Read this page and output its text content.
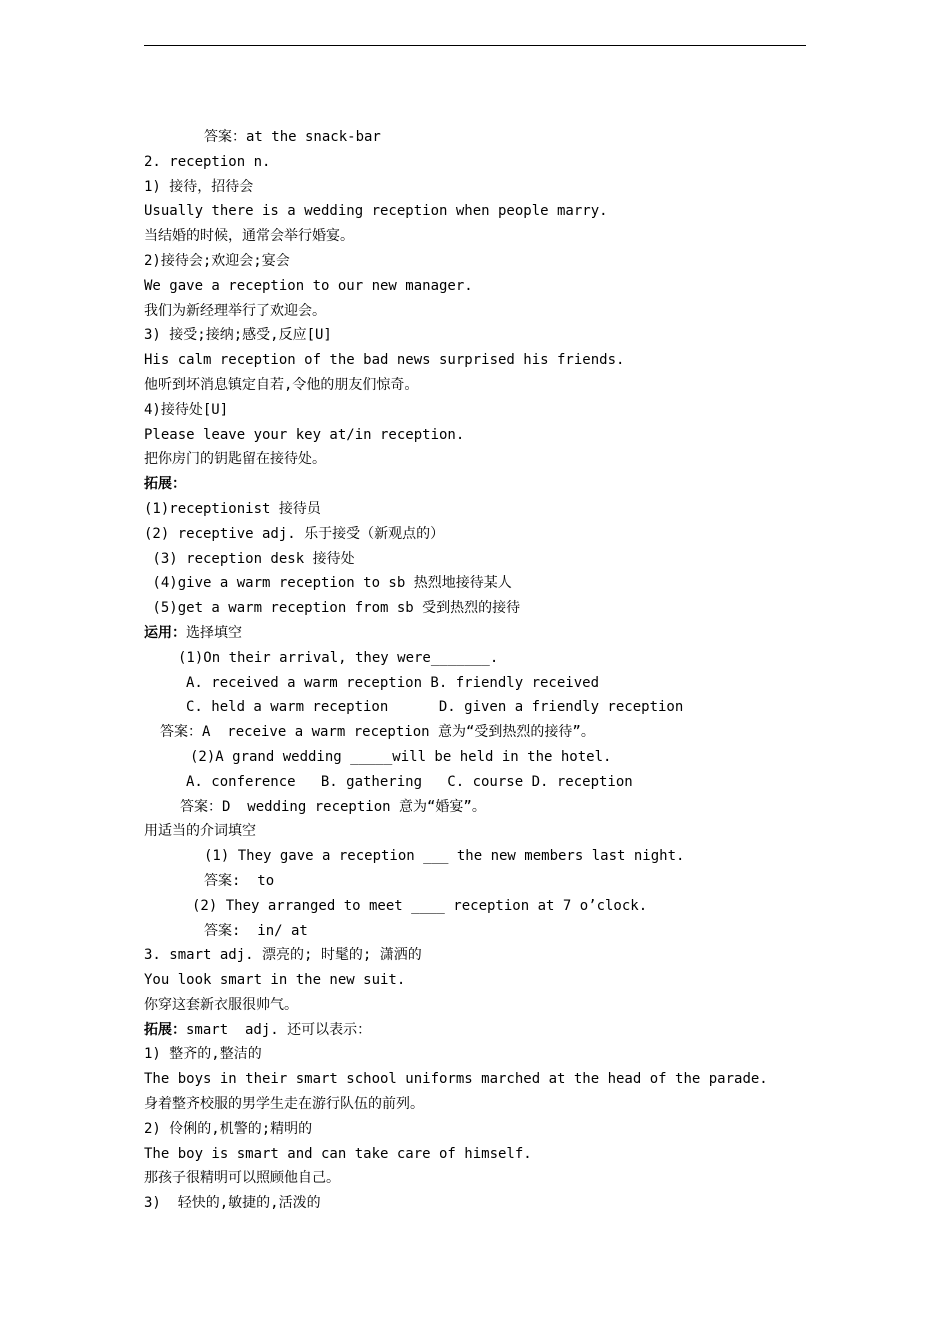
答案：at the snack-bar
2. reception n.
1) 接待，招待会
Usually there is a wedding reception when people marry.
当结婚的时候，通常会举行婚宴。
2)接待会;欢迎会;宴会
We gave a reception to our new manager.
我们为新经理举行了欢迎会。
3) 接受;接纳;感受,反应[U]
His calm reception of the bad news surprised his friends.
他听到坏消息镇定自若,令他的朋友们惊奇。
4)接待处[U]
Please leave your key at/in reception.
把你房门的钥匙留在接待处。
拓展：
(1)receptionist 接待员
(2) receptive adj. 乐于接受（新观点的）
(3) reception desk 接待处
(4)give a warm reception to sb 热烈地接待某人
(5)get a warm reception from sb 受到热烈的接待
运用：选择填空
(1)On their arrival, they were_______.
A. received a warm reception B. friendly received
C. held a warm reception      D. given a friendly reception
答案：A  receive a warm reception 意为“受到热烈的接待”。
(2)A grand wedding _____will be held in the hotel.
A. conference   B. gathering   C. course D. reception
答案：D  wedding reception 意为“婚宴”。
用适当的介词填空
(1) They gave a reception ___ the new members last night.
答案:  to
(2) They arranged to meet ____ reception at 7 o’clock.
答案:  in/ at
3. smart adj. 漂亮的; 时髦的; 潇洒的
You look smart in the new suit.
你穿这套新衣服很帅气。
拓展：smart  adj. 还可以表示：
1) 整齐的,整洁的
The boys in their smart school uniforms marched at the head of the parade.
身着整齐校服的男学生走在游行队伍的前列。
2) 伶俐的,机警的;精明的
The boy is smart and can take care of himself.
那孩子很精明可以照顾他自己。
3)  轻快的,敏捷的,活泼的
